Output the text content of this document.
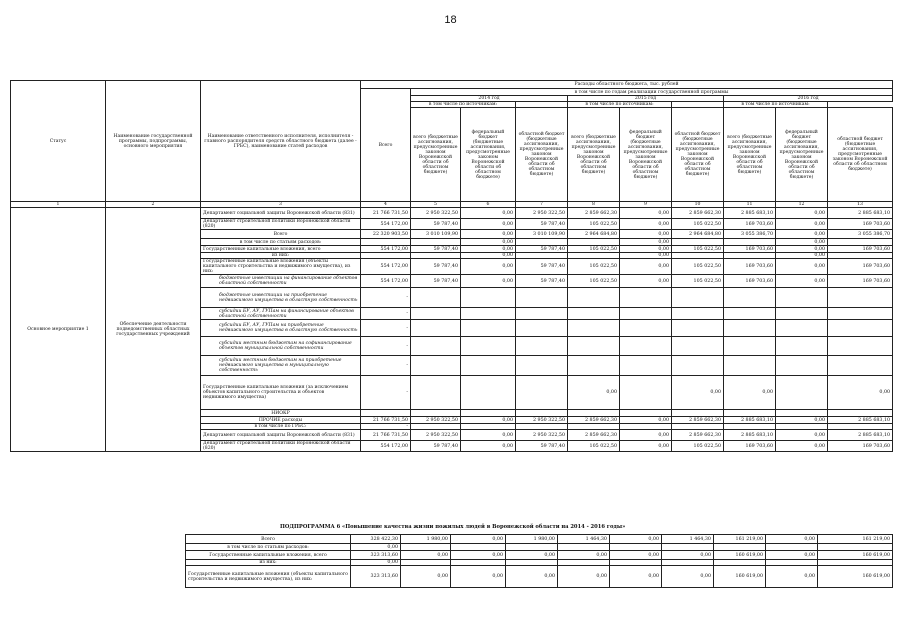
18
Статус	Наименование государственной программы, подпрограммы, основного мероприятия	Наименование ответственного исполнителя, исполнителя - главного распорядителя средств областного бюджета (далее - ГРБС), наименование статей расходов	Расходы областного бюджета, тыс. рублей									
			Всего	в том числе по годам реализации государственной программы								
				2014 год			2015 год			2016 год		
				в том числе по источникам:			в том числе по источникам:			в том числе по источникам:		
				всего (бюджетные ассигнования, предусмотренные законом Воронежской области об областном бюджете)	федеральный бюджет (бюджетные ассигнования, предусмотренные законом Воронежской области об областном бюджете)	областной бюджет (бюджетные ассигнования, предусмотренные законом Воронежской области об областном бюджете)	всего (бюджетные ассигнования, предусмотренные законом Воронежской области об областном бюджете)	федеральный бюджет (бюджетные ассигнования, предусмотренные законом Воронежской области об областном бюджете)	областной бюджет (бюджетные ассигнования, предусмотренные законом Воронежской области об областном бюджете)	всего (бюджетные ассигнования, предусмотренные законом Воронежской области об областном бюджете)	федеральный бюджет (бюджетные ассигнования, предусмотренные законом Воронежской области об областном бюджете)	областной бюджет (бюджетные ассигнования, предусмотренные законом Воронежской области об областном бюджете)
1	2	3	4	5	6	7	8	9	10	11	12	13
Основное мероприятие 1	Обеспечение деятельности подведомственных областных государственных учреждений	Департамент социальной защиты Воронежской области (831)	21 766 731,50	2 950 322,50	0,00	2 950 322,50	2 859 662,30	0,00	2 859 662,30	2 885 683,10	0,00	2 885 683,10
		Департамент строительной политики Воронежской области (820)	554 172,00	59 787,40	0,00	59 787,40	105 022,50	0,00	105 022,50	169 703,60	0,00	169 703,60
		Всего	22 320 903,50	3 010 109,90	0,00	3 010 109,90	2 964 684,80	0,00	2 964 684,80	3 055 386,70	0,00	3 055 386,70
		в том числе по статьям расходов:			0,00			0,00			0,00	
		Государственные капитальные вложения, всего	554 172,00	59 787,40	0,00	59 787,40	105 022,50	0,00	105 022,50	169 703,60	0,00	169 703,60
		из них:			0,00			0,00			0,00	
		Государственные капитальные вложения (объекты капитального строительства и недвижимого имущества), из них:	554 172,00	59 787,40	0,00	59 787,40	105 022,50	0,00	105 022,50	169 703,60	0,00	169 703,60
		бюджетные инвестиции на финансирование объектов областной собственности	554 172,00	59 787,40	0,00	59 787,40	105 022,50	0,00	105 022,50	169 703,60	0,00	169 703,60
		бюджетные инвестиции на приобретение недвижимого имущества в областную собственность	-									
		субсидии БУ, АУ, ГУПам на финансирование объектов областной собственности	-									
		субсидии БУ, АУ, ГУПам на приобретение недвижимого имущества в областную собственность	-									
		субсидии местным бюджетам на софинансирование объектов муниципальной собственности	-									
		субсидии местным бюджетам на приобретение недвижимого имущества в муниципальную собственность	-									
		Государственные капитальные вложения (за исключением объектов капитального строительства и объектов недвижимого имущества)	-				0,00		0,00	0,00		0,00
		НИОКР										
		ПРОЧИЕ расходы	21 766 731,50	2 950 322,50	0,00	2 950 322,50	2 859 662,30	0,00	2 859 662,30	2 885 683,10	0,00	2 885 683,10
		в том числе по ГРБС:	-									
		Департамент социальной защиты Воронежской области (831)	21 766 731,50	2 950 322,50	0,00	2 950 322,50	2 859 662,30	0,00	2 859 662,30	2 885 683,10	0,00	2 885 683,10
		Департамент строительной политики Воронежской области (820)	554 172,00	59 787,40	0,00	59 787,40	105 022,50	0,00	105 022,50	169 703,60	0,00	169 703,60
ПОДПРОГРАММА 6 «Повышение качества жизни пожилых людей в Воронежской области на 2014 - 2016 годы»
Всего	328 422,30	1 980,00	0,00	1 980,00	1 464,30	0,00	1 464,30	161 219,00	0,00	161 219,00
в том числе по статьям расходов:	0,00									
Государственные капитальные вложения, всего	323 313,60	0,00	0,00	0,00	0,00	0,00	0,00	160 619,00	0,00	160 619,00
из них:	0,00									
Государственные капитальные вложения (объекты капитального строительства и недвижимого имущества), из них:	323 313,60	0,00	0,00	0,00	0,00	0,00	0,00	160 619,00	0,00	160 619,00
